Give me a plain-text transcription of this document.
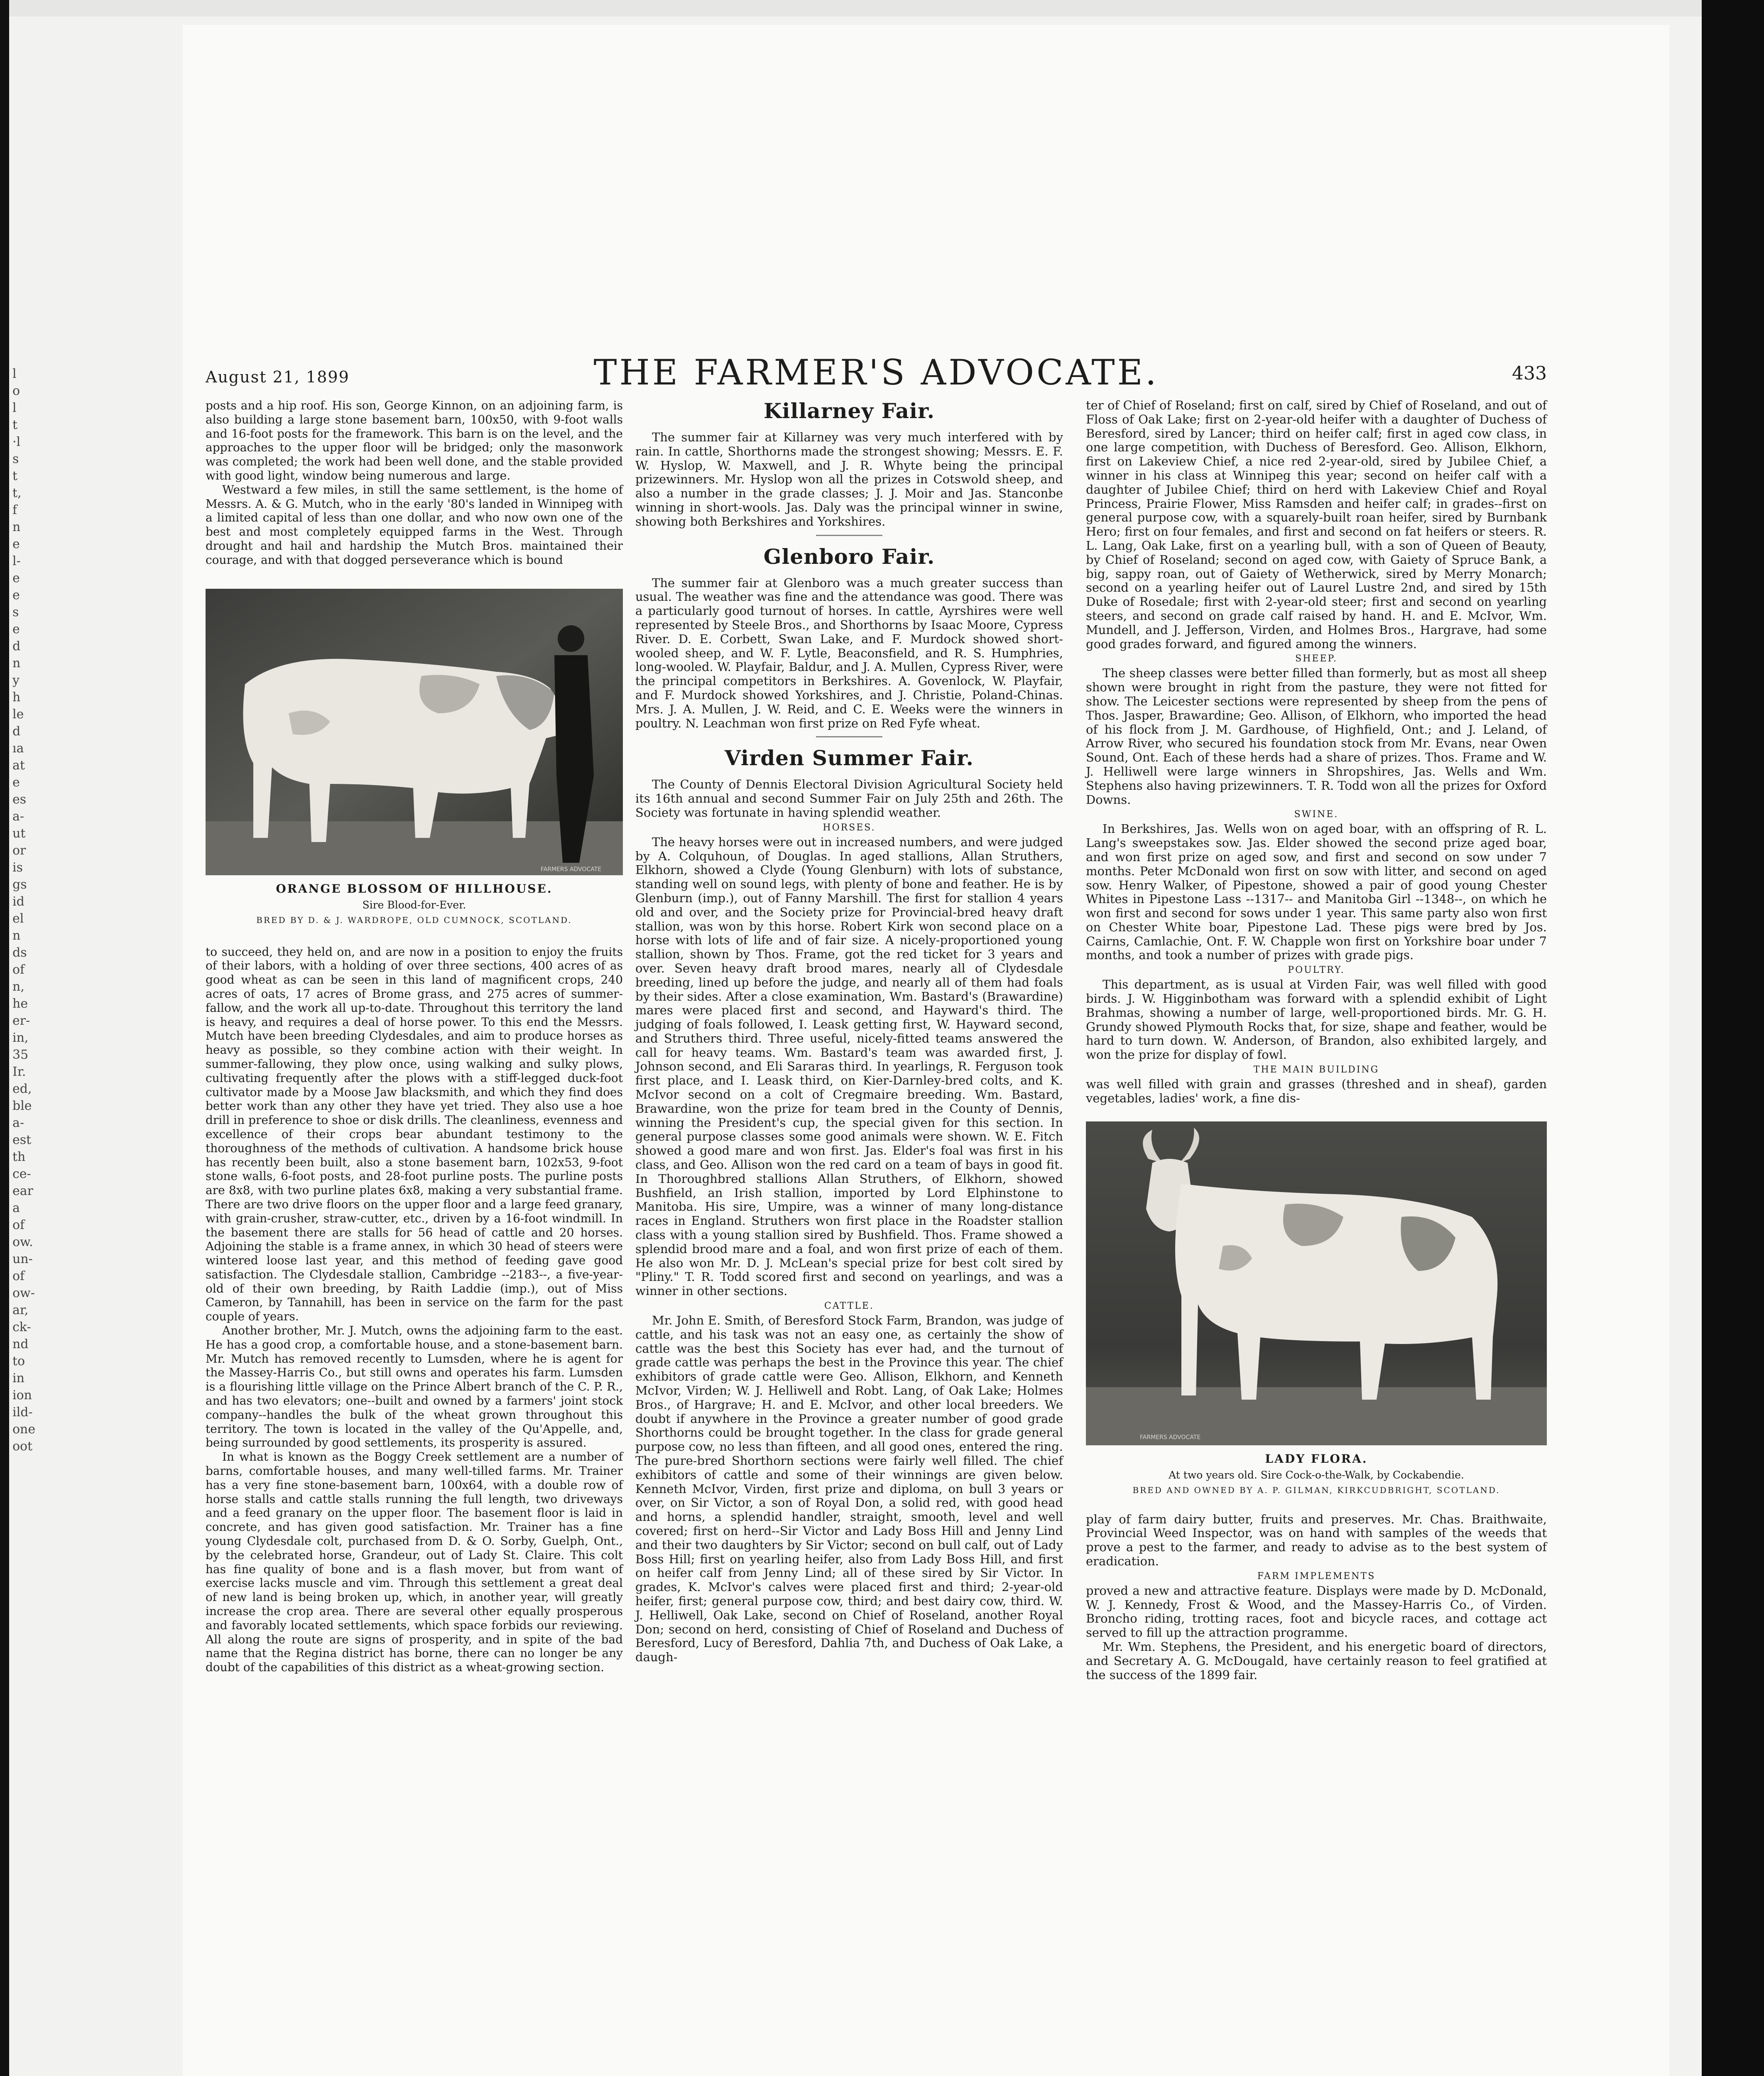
l
o
l
t
·l
s
t
t,
f
n
e
l-
e
e
s
e
d
n
y
h
le
d
ıa
at
e
es
a-
ut
or
is
gs
id
el
n
ds
of
n,
he
er-
in,
35
Ir.
ed,
ble
a-
est
th
ce-
ear
a
of
ow.
un-
of
ow-
ar,
ck-
nd
to
in
ion
ild-
one
oot
August 21, 1899	THE FARMER'S ADVOCATE.	433

posts and a hip roof. His son, George Kinnon, on an adjoining farm, is also building a large stone basement barn, 100x50, with 9-foot walls and 16-foot posts for the framework. This barn is on the level, and the approaches to the upper floor will be bridged; only the masonwork was completed; the work had been well done, and the stable provided with good light, window being numerous and large.

Westward a few miles, in still the same settlement, is the home of Messrs. A. & G. Mutch, who in the early '80's landed in Winnipeg with a limited capital of less than one dollar, and who now own one of the best and most completely equipped farms in the West. Through drought and hail and hardship the Mutch Bros. maintained their courage, and with that dogged perseverance which is bound

FARMERS ADVOCATE
ORANGE BLOSSOM OF HILLHOUSE.
Sire Blood-for-Ever.
BRED BY D. & J. WARDROPE, OLD CUMNOCK, SCOTLAND.

to succeed, they held on, and are now in a position to enjoy the fruits of their labors, with a holding of over three sections, 400 acres of as good wheat as can be seen in this land of magnificent crops, 240 acres of oats, 17 acres of Brome grass, and 275 acres of summer-fallow, and the work all up-to-date. Throughout this territory the land is heavy, and requires a deal of horse power. To this end the Messrs. Mutch have been breeding Clydesdales, and aim to produce horses as heavy as possible, so they combine action with their weight. In summer-fallowing, they plow once, using walking and sulky plows, cultivating frequently after the plows with a stiff-legged duck-foot cultivator made by a Moose Jaw blacksmith, and which they find does better work than any other they have yet tried. They also use a hoe drill in preference to shoe or disk drills. The cleanliness, evenness and excellence of their crops bear abundant testimony to the thoroughness of the methods of cultivation. A handsome brick house has recently been built, also a stone basement barn, 102x53, 9-foot stone walls, 6-foot posts, and 28-foot purline posts. The purline posts are 8x8, with two purline plates 6x8, making a very substantial frame. There are two drive floors on the upper floor and a large feed granary, with grain-crusher, straw-cutter, etc., driven by a 16-foot windmill. In the basement there are stalls for 56 head of cattle and 20 horses. Adjoining the stable is a frame annex, in which 30 head of steers were wintered loose last year, and this method of feeding gave good satisfaction. The Clydesdale stallion, Cambridge --2183--, a five-year-old of their own breeding, by Raith Laddie (imp.), out of Miss Cameron, by Tannahill, has been in service on the farm for the past couple of years.

Another brother, Mr. J. Mutch, owns the adjoining farm to the east. He has a good crop, a comfortable house, and a stone-basement barn. Mr. Mutch has removed recently to Lumsden, where he is agent for the Massey-Harris Co., but still owns and operates his farm. Lumsden is a flourishing little village on the Prince Albert branch of the C. P. R., and has two elevators; one--built and owned by a farmers' joint stock company--handles the bulk of the wheat grown throughout this territory. The town is located in the valley of the Qu'Appelle, and, being surrounded by good settlements, its prosperity is assured.

In what is known as the Boggy Creek settlement are a number of barns, comfortable houses, and many well-tilled farms. Mr. Trainer has a very fine stone-basement barn, 100x64, with a double row of horse stalls and cattle stalls running the full length, two driveways and a feed granary on the upper floor. The basement floor is laid in concrete, and has given good satisfaction. Mr. Trainer has a fine young Clydesdale colt, purchased from D. & O. Sorby, Guelph, Ont., by the celebrated horse, Grandeur, out of Lady St. Claire. This colt has fine quality of bone and is a flash mover, but from want of exercise lacks muscle and vim. Through this settlement a great deal of new land is being broken up, which, in another year, will greatly increase the crop area. There are several other equally prosperous and favorably located settlements, which space forbids our reviewing. All along the route are signs of prosperity, and in spite of the bad name that the Regina district has borne, there can no longer be any doubt of the capabilities of this district as a wheat-growing section.

Killarney Fair.

The summer fair at Killarney was very much interfered with by rain. In cattle, Shorthorns made the strongest showing; Messrs. E. F. W. Hyslop, W. Maxwell, and J. R. Whyte being the principal prizewinners. Mr. Hyslop won all the prizes in Cotswold sheep, and also a number in the grade classes; J. J. Moir and Jas. Stanconbe winning in short-wools. Jas. Daly was the principal winner in swine, showing both Berkshires and Yorkshires.

Glenboro Fair.

The summer fair at Glenboro was a much greater success than usual. The weather was fine and the attendance was good. There was a particularly good turnout of horses. In cattle, Ayrshires were well represented by Steele Bros., and Shorthorns by Isaac Moore, Cypress River. D. E. Corbett, Swan Lake, and F. Murdock showed short-wooled sheep, and W. F. Lytle, Beaconsfield, and R. S. Humphries, long-wooled. W. Playfair, Baldur, and J. A. Mullen, Cypress River, were the principal competitors in Berkshires. A. Govenlock, W. Playfair, and F. Murdock showed Yorkshires, and J. Christie, Poland-Chinas. Mrs. J. A. Mullen, J. W. Reid, and C. E. Weeks were the winners in poultry. N. Leachman won first prize on Red Fyfe wheat.

Virden Summer Fair.

The County of Dennis Electoral Division Agricultural Society held its 16th annual and second Summer Fair on July 25th and 26th. The Society was fortunate in having splendid weather.

HORSES.

The heavy horses were out in increased numbers, and were judged by A. Colquhoun, of Douglas. In aged stallions, Allan Struthers, Elkhorn, showed a Clyde (Young Glenburn) with lots of substance, standing well on sound legs, with plenty of bone and feather. He is by Glenburn (imp.), out of Fanny Marshill. The first for stallion 4 years old and over, and the Society prize for Provincial-bred heavy draft stallion, was won by this horse. Robert Kirk won second place on a horse with lots of life and of fair size. A nicely-proportioned young stallion, shown by Thos. Frame, got the red ticket for 3 years and over. Seven heavy draft brood mares, nearly all of Clydesdale breeding, lined up before the judge, and nearly all of them had foals by their sides. After a close examination, Wm. Bastard's (Brawardine) mares were placed first and second, and Hayward's third. The judging of foals followed, I. Leask getting first, W. Hayward second, and Struthers third. Three useful, nicely-fitted teams answered the call for heavy teams. Wm. Bastard's team was awarded first, J. Johnson second, and Eli Sararas third. In yearlings, R. Ferguson took first place, and I. Leask third, on Kier-Darnley-bred colts, and K. McIvor second on a colt of Cregmaire breeding. Wm. Bastard, Brawardine, won the prize for team bred in the County of Dennis, winning the President's cup, the special given for this section. In general purpose classes some good animals were shown. W. E. Fitch showed a good mare and won first. Jas. Elder's foal was first in his class, and Geo. Allison won the red card on a team of bays in good fit. In Thoroughbred stallions Allan Struthers, of Elkhorn, showed Bushfield, an Irish stallion, imported by Lord Elphinstone to Manitoba. His sire, Umpire, was a winner of many long-distance races in England. Struthers won first place in the Roadster stallion class with a young stallion sired by Bushfield. Thos. Frame showed a splendid brood mare and a foal, and won first prize of each of them. He also won Mr. D. J. McLean's special prize for best colt sired by "Pliny." T. R. Todd scored first and second on yearlings, and was a winner in other sections.

CATTLE.

Mr. John E. Smith, of Beresford Stock Farm, Brandon, was judge of cattle, and his task was not an easy one, as certainly the show of cattle was the best this Society has ever had, and the turnout of grade cattle was perhaps the best in the Province this year. The chief exhibitors of grade cattle were Geo. Allison, Elkhorn, and Kenneth McIvor, Virden; W. J. Helliwell and Robt. Lang, of Oak Lake; Holmes Bros., of Hargrave; H. and E. McIvor, and other local breeders. We doubt if anywhere in the Province a greater number of good grade Shorthorns could be brought together. In the class for grade general purpose cow, no less than fifteen, and all good ones, entered the ring. The pure-bred Shorthorn sections were fairly well filled. The chief exhibitors of cattle and some of their winnings are given below. Kenneth McIvor, Virden, first prize and diploma, on bull 3 years or over, on Sir Victor, a son of Royal Don, a solid red, with good head and horns, a splendid handler, straight, smooth, level and well covered; first on herd--Sir Victor and Lady Boss Hill and Jenny Lind and their two daughters by Sir Victor; second on bull calf, out of Lady Boss Hill; first on yearling heifer, also from Lady Boss Hill, and first on heifer calf from Jenny Lind; all of these sired by Sir Victor. In grades, K. McIvor's calves were placed first and third; 2-year-old heifer, first; general purpose cow, third; and best dairy cow, third. W. J. Helliwell, Oak Lake, second on Chief of Roseland, another Royal Don; second on herd, consisting of Chief of Roseland and Duchess of Beresford, Lucy of Beresford, Dahlia 7th, and Duchess of Oak Lake, a daugh-

ter of Chief of Roseland; first on calf, sired by Chief of Roseland, and out of Floss of Oak Lake; first on 2-year-old heifer with a daughter of Duchess of Beresford, sired by Lancer; third on heifer calf; first in aged cow class, in one large competition, with Duchess of Beresford. Geo. Allison, Elkhorn, first on Lakeview Chief, a nice red 2-year-old, sired by Jubilee Chief, a winner in his class at Winnipeg this year; second on heifer calf with a daughter of Jubilee Chief; third on herd with Lakeview Chief and Royal Princess, Prairie Flower, Miss Ramsden and heifer calf; in grades--first on general purpose cow, with a squarely-built roan heifer, sired by Burnbank Hero; first on four females, and first and second on fat heifers or steers. R. L. Lang, Oak Lake, first on a yearling bull, with a son of Queen of Beauty, by Chief of Roseland; second on aged cow, with Gaiety of Spruce Bank, a big, sappy roan, out of Gaiety of Wetherwick, sired by Merry Monarch; second on a yearling heifer out of Laurel Lustre 2nd, and sired by 15th Duke of Rosedale; first with 2-year-old steer; first and second on yearling steers, and second on grade calf raised by hand. H. and E. McIvor, Wm. Mundell, and J. Jefferson, Virden, and Holmes Bros., Hargrave, had some good grades forward, and figured among the winners.

SHEEP.

The sheep classes were better filled than formerly, but as most all sheep shown were brought in right from the pasture, they were not fitted for show. The Leicester sections were represented by sheep from the pens of Thos. Jasper, Brawardine; Geo. Allison, of Elkhorn, who imported the head of his flock from J. M. Gardhouse, of Highfield, Ont.; and J. Leland, of Arrow River, who secured his foundation stock from Mr. Evans, near Owen Sound, Ont. Each of these herds had a share of prizes. Thos. Frame and W. J. Helliwell were large winners in Shropshires, Jas. Wells and Wm. Stephens also having prizewinners. T. R. Todd won all the prizes for Oxford Downs.

SWINE.

In Berkshires, Jas. Wells won on aged boar, with an offspring of R. L. Lang's sweepstakes sow. Jas. Elder showed the second prize aged boar, and won first prize on aged sow, and first and second on sow under 7 months. Peter McDonald won first on sow with litter, and second on aged sow. Henry Walker, of Pipestone, showed a pair of good young Chester Whites in Pipestone Lass --1317-- and Manitoba Girl --1348--, on which he won first and second for sows under 1 year. This same party also won first on Chester White boar, Pipestone Lad. These pigs were bred by Jos. Cairns, Camlachie, Ont. F. W. Chapple won first on Yorkshire boar under 7 months, and took a number of prizes with grade pigs.

POULTRY.

This department, as is usual at Virden Fair, was well filled with good birds. J. W. Higginbotham was forward with a splendid exhibit of Light Brahmas, showing a number of large, well-proportioned birds. Mr. G. H. Grundy showed Plymouth Rocks that, for size, shape and feather, would be hard to turn down. W. Anderson, of Brandon, also exhibited largely, and won the prize for display of fowl.

THE MAIN BUILDING

was well filled with grain and grasses (threshed and in sheaf), garden vegetables, ladies' work, a fine dis-

FARMERS ADVOCATE
LADY FLORA.
At two years old. Sire Cock-o-the-Walk, by Cockabendie.
BRED AND OWNED BY A. P. GILMAN, KIRKCUDBRIGHT, SCOTLAND.

play of farm dairy butter, fruits and preserves. Mr. Chas. Braithwaite, Provincial Weed Inspector, was on hand with samples of the weeds that prove a pest to the farmer, and ready to advise as to the best system of eradication.

FARM IMPLEMENTS

proved a new and attractive feature. Displays were made by D. McDonald, W. J. Kennedy, Frost & Wood, and the Massey-Harris Co., of Virden. Broncho riding, trotting races, foot and bicycle races, and cottage act served to fill up the attraction programme.

Mr. Wm. Stephens, the President, and his energetic board of directors, and Secretary A. G. McDougald, have certainly reason to feel gratified at the success of the 1899 fair.
